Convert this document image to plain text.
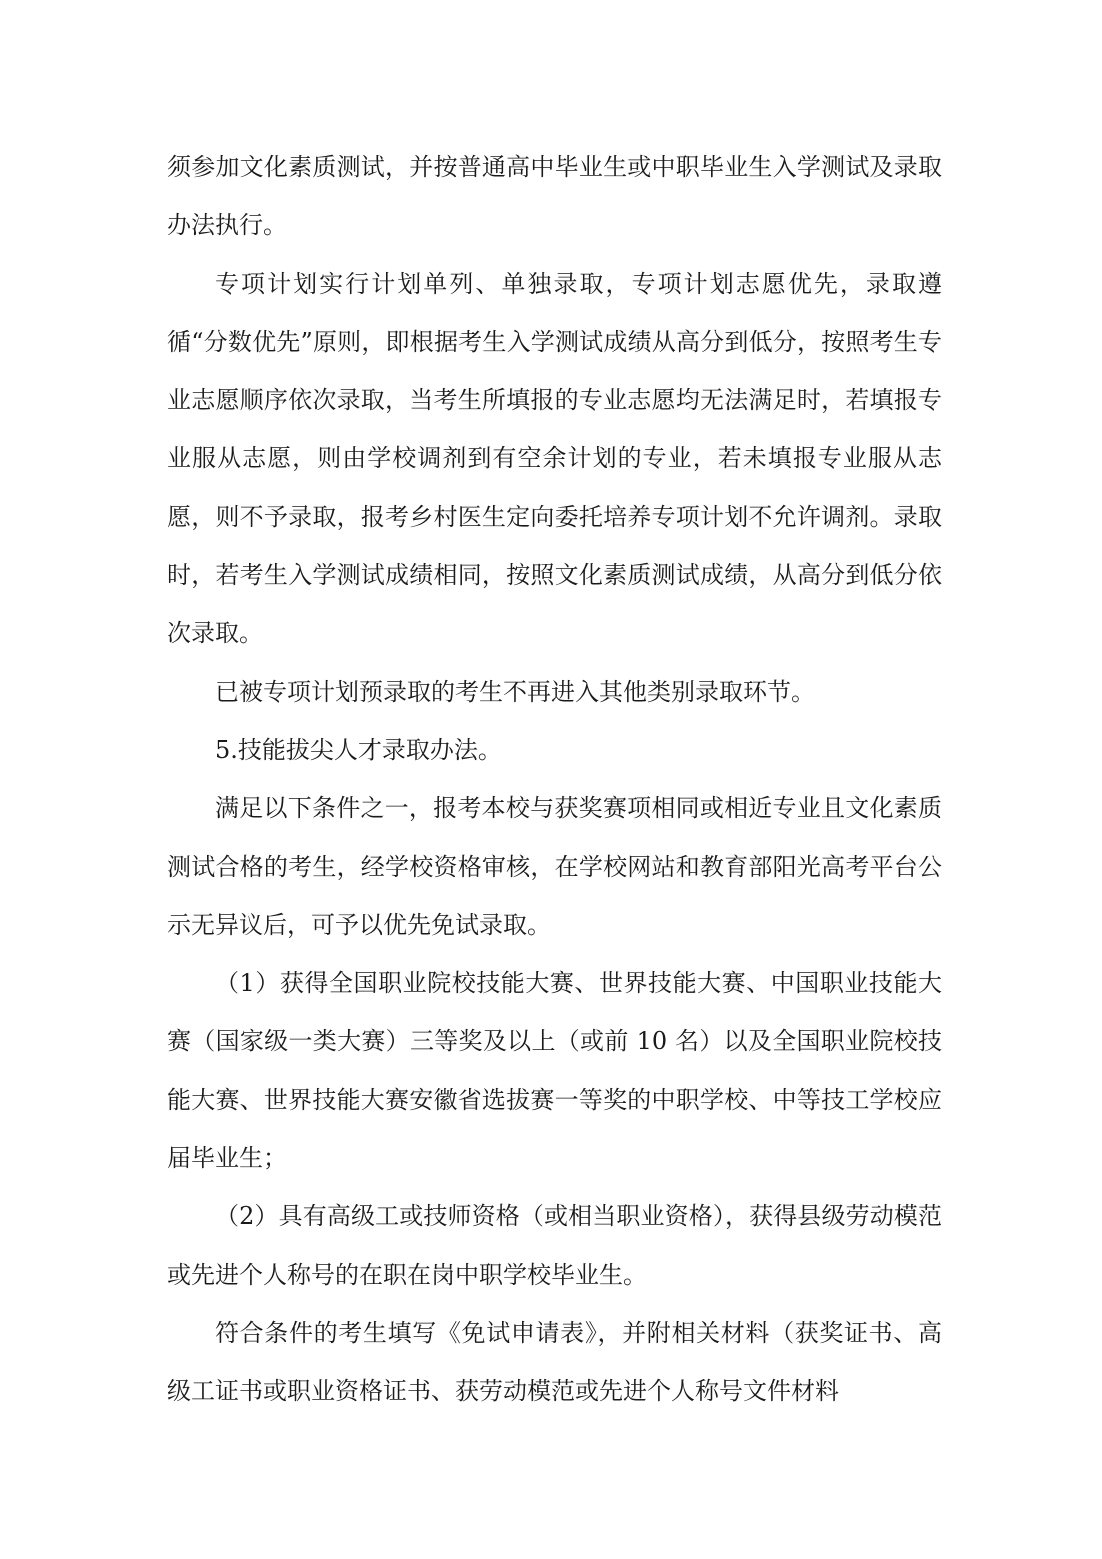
须参加文化素质测试，并按普通高中毕业生或中职毕业生入学测试及录取办法执行。

专项计划实行计划单列、单独录取，专项计划志愿优先，录取遵循“分数优先”原则，即根据考生入学测试成绩从高分到低分，按照考生专业志愿顺序依次录取，当考生所填报的专业志愿均无法满足时，若填报专业服从志愿，则由学校调剂到有空余计划的专业，若未填报专业服从志愿，则不予录取，报考乡村医生定向委托培养专项计划不允许调剂。录取时，若考生入学测试成绩相同，按照文化素质测试成绩，从高分到低分依次录取。

已被专项计划预录取的考生不再进入其他类别录取环节。

5.技能拔尖人才录取办法。

满足以下条件之一，报考本校与获奖赛项相同或相近专业且文化素质测试合格的考生，经学校资格审核，在学校网站和教育部阳光高考平台公示无异议后，可予以优先免试录取。

（1）获得全国职业院校技能大赛、世界技能大赛、中国职业技能大赛（国家级一类大赛）三等奖及以上（或前 10 名）以及全国职业院校技能大赛、世界技能大赛安徽省选拔赛一等奖的中职学校、中等技工学校应届毕业生；

（2）具有高级工或技师资格（或相当职业资格），获得县级劳动模范或先进个人称号的在职在岗中职学校毕业生。

符合条件的考生填写《免试申请表》，并附相关材料（获奖证书、高级工证书或职业资格证书、获劳动模范或先进个人称号文件材料
